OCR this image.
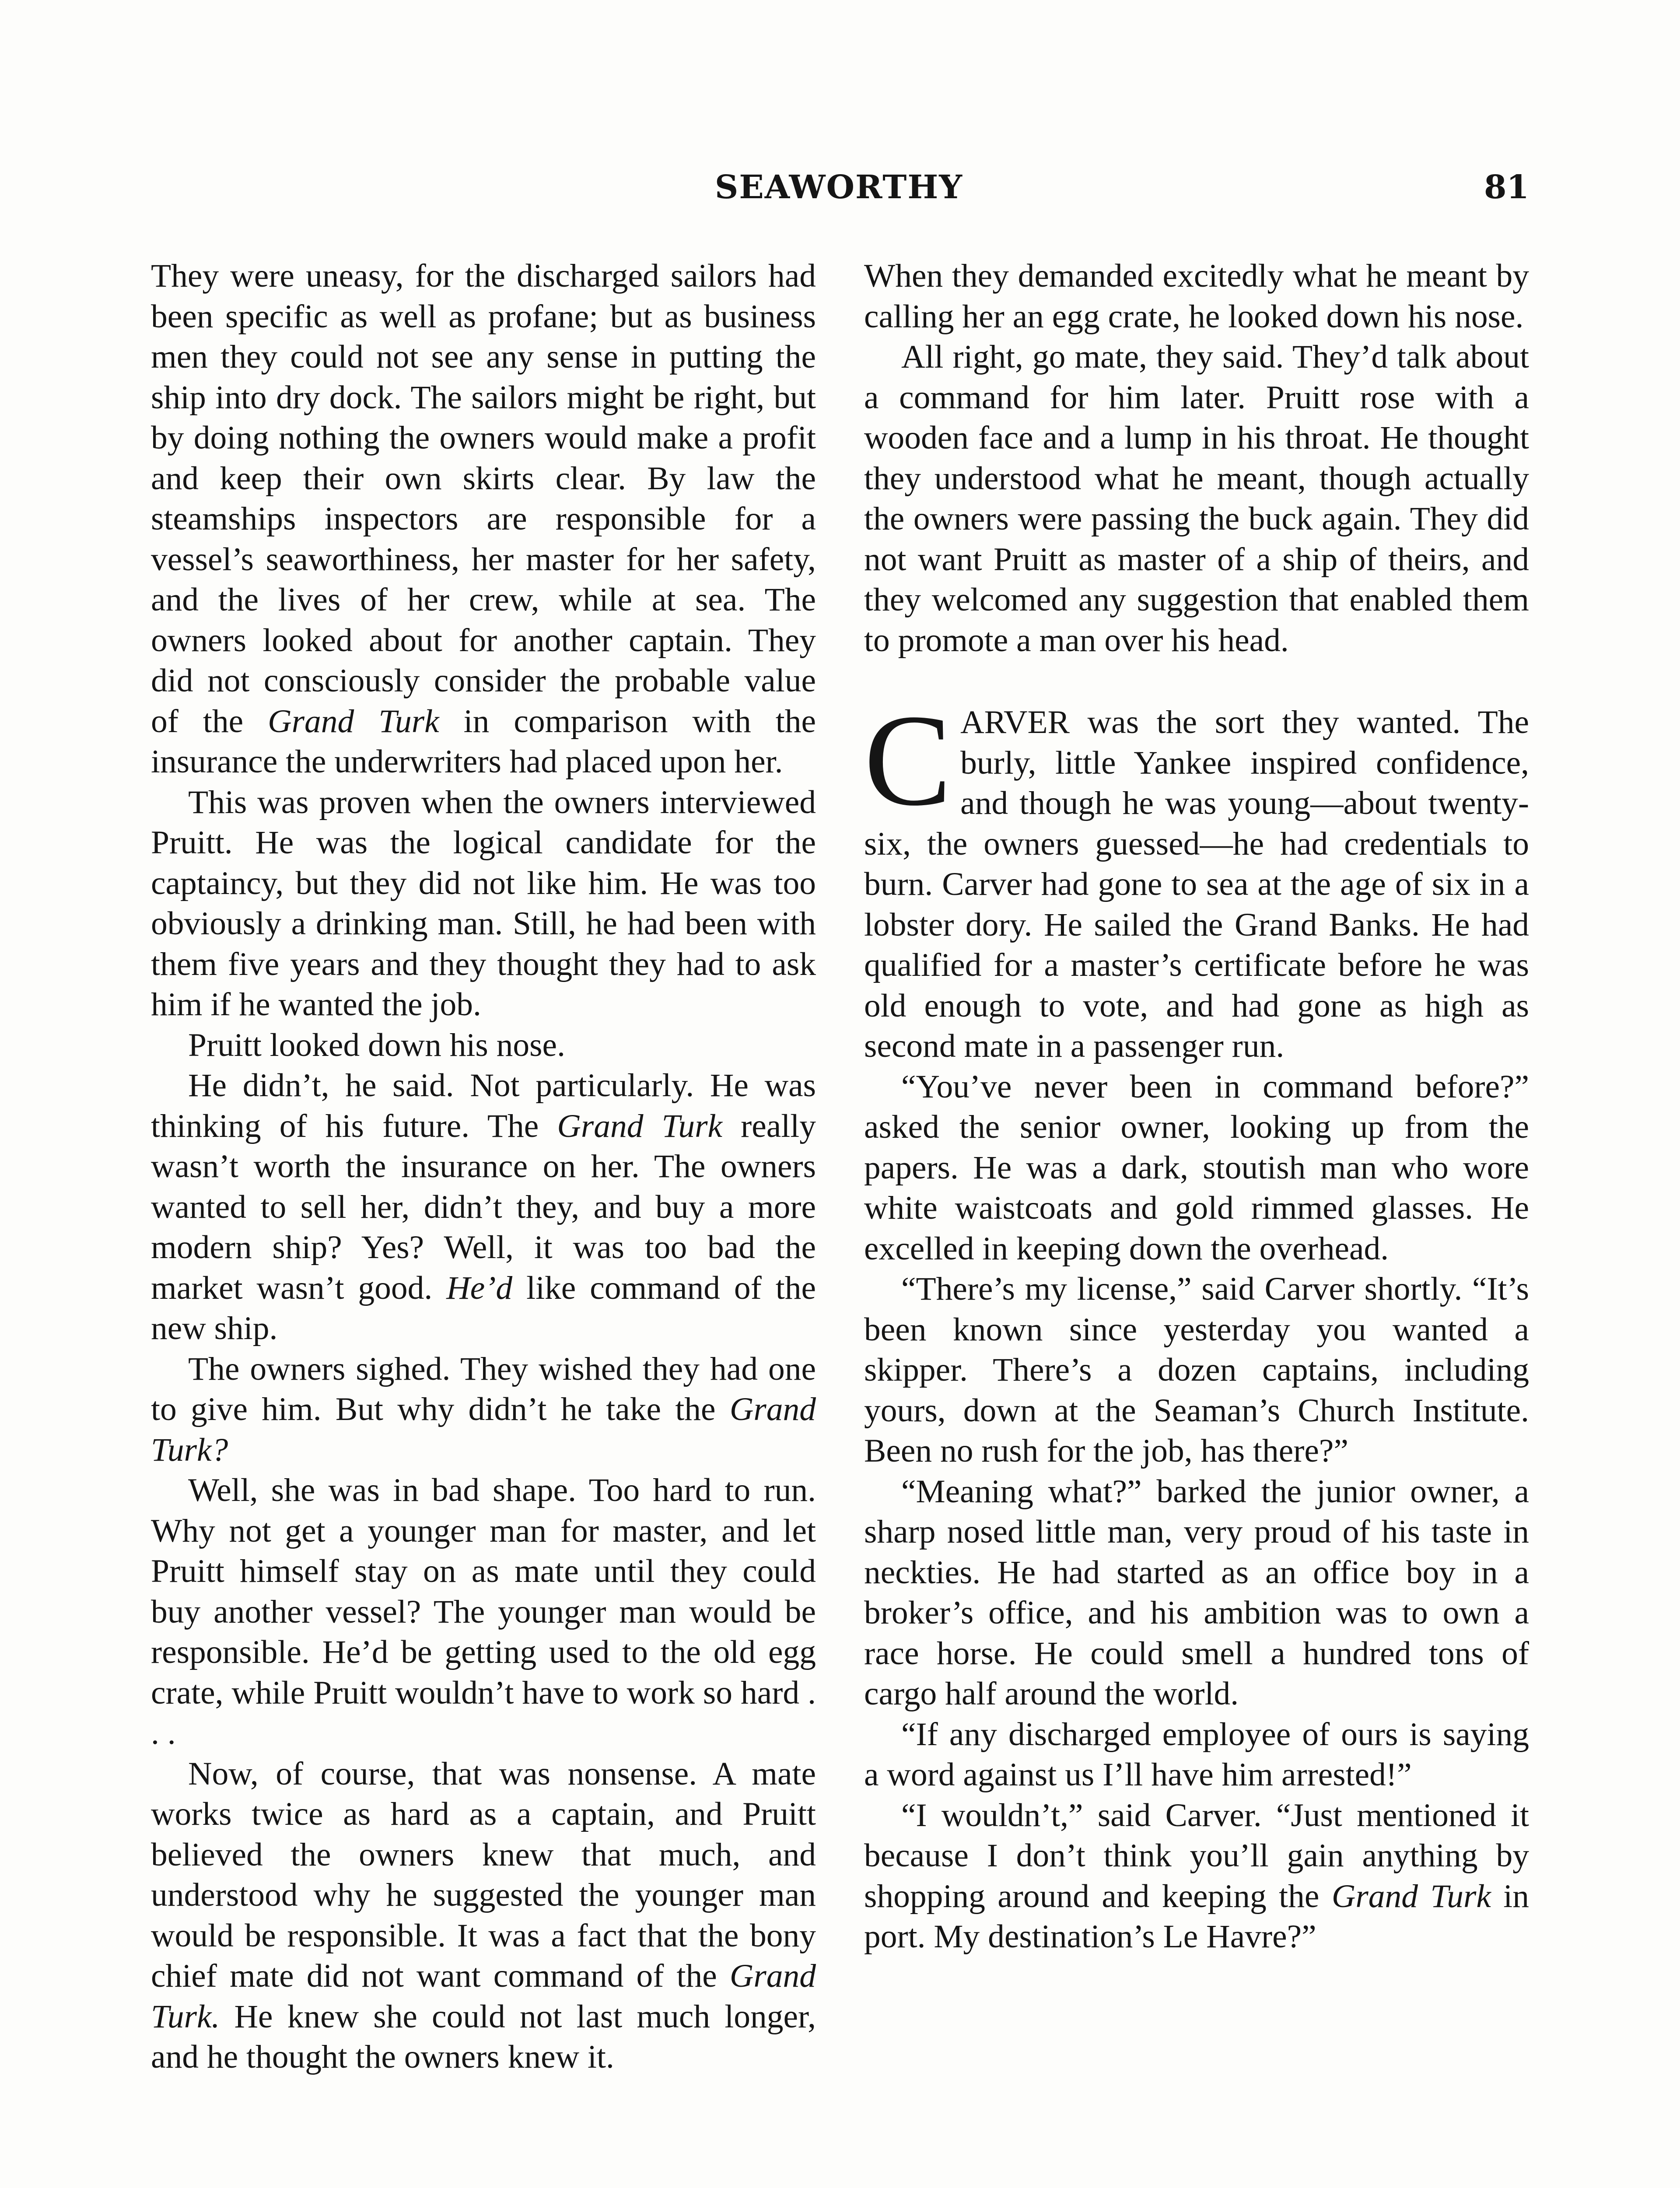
SEAWORTHY	81

They were uneasy, for the discharged sailors had been specific as well as profane; but as business men they could not see any sense in putting the ship into dry dock. The sailors might be right, but by doing nothing the owners would make a profit and keep their own skirts clear. By law the steamships inspectors are responsible for a vessel’s seaworthiness, her master for her safety, and the lives of her crew, while at sea. The owners looked about for another captain. They did not consciously consider the probable value of the Grand Turk in comparison with the insurance the underwriters had placed upon her.

This was proven when the owners interviewed Pruitt. He was the logical candidate for the captaincy, but they did not like him. He was too obviously a drinking man. Still, he had been with them five years and they thought they had to ask him if he wanted the job.

Pruitt looked down his nose.

He didn’t, he said. Not particularly. He was thinking of his future. The Grand Turk really wasn’t worth the insurance on her. The owners wanted to sell her, didn’t they, and buy a more modern ship? Yes? Well, it was too bad the market wasn’t good. He’d like command of the new ship.

The owners sighed. They wished they had one to give him. But why didn’t he take the Grand Turk?

Well, she was in bad shape. Too hard to run. Why not get a younger man for master, and let Pruitt himself stay on as mate until they could buy another vessel? The younger man would be responsible. He’d be getting used to the old egg crate, while Pruitt wouldn’t have to work so hard . . .

Now, of course, that was nonsense. A mate works twice as hard as a captain, and Pruitt believed the owners knew that much, and understood why he suggested the younger man would be responsible. It was a fact that the bony chief mate did not want command of the Grand Turk. He knew she could not last much longer, and he thought the owners knew it.

When they demanded excitedly what he meant by calling her an egg crate, he looked down his nose.

All right, go mate, they said. They’d talk about a command for him later. Pruitt rose with a wooden face and a lump in his throat. He thought they understood what he meant, though actually the owners were passing the buck again. They did not want Pruitt as master of a ship of theirs, and they welcomed any suggestion that enabled them to promote a man over his head.

CARVER was the sort they wanted. The burly, little Yankee inspired confidence, and though he was young—about twenty-six, the owners guessed—he had credentials to burn. Carver had gone to sea at the age of six in a lobster dory. He sailed the Grand Banks. He had qualified for a master’s certificate before he was old enough to vote, and had gone as high as second mate in a passenger run.

“You’ve never been in command before?” asked the senior owner, looking up from the papers. He was a dark, stoutish man who wore white waistcoats and gold rimmed glasses. He excelled in keeping down the overhead.

“There’s my license,” said Carver shortly. “It’s been known since yesterday you wanted a skipper. There’s a dozen captains, including yours, down at the Seaman’s Church Institute. Been no rush for the job, has there?”

“Meaning what?” barked the junior owner, a sharp nosed little man, very proud of his taste in neckties. He had started as an office boy in a broker’s office, and his ambition was to own a race horse. He could smell a hundred tons of cargo half around the world.

“If any discharged employee of ours is saying a word against us I’ll have him arrested!”

“I wouldn’t,” said Carver. “Just mentioned it because I don’t think you’ll gain anything by shopping around and keeping the Grand Turk in port. My destination’s Le Havre?”
